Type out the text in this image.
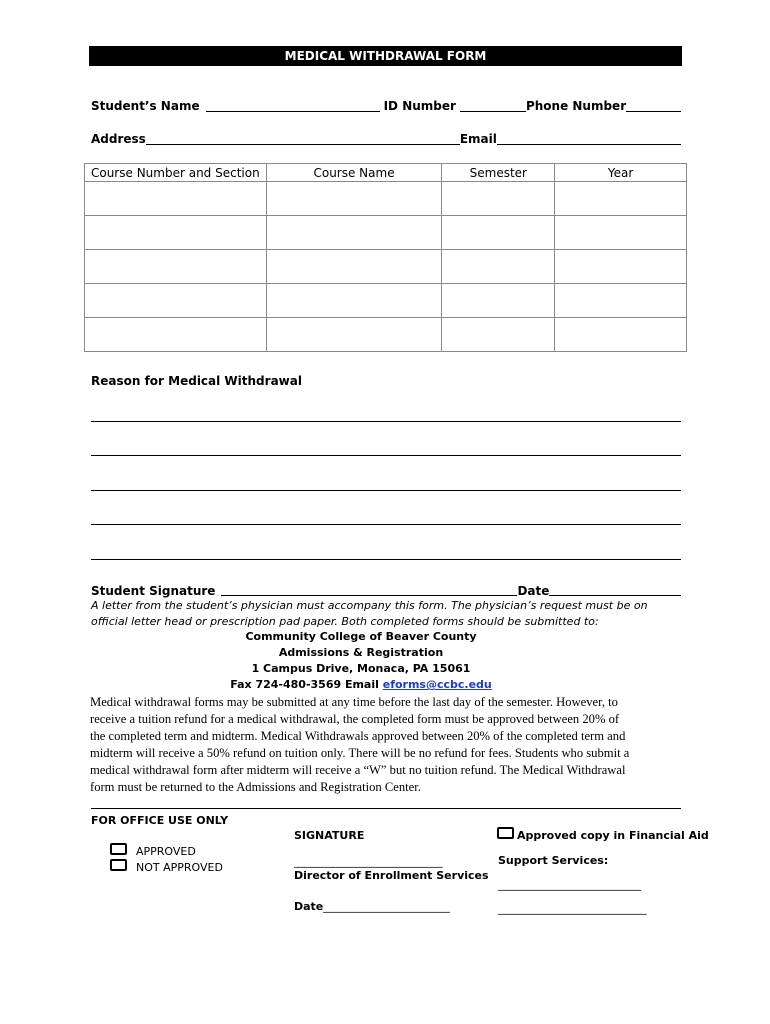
MEDICAL WITHDRAWAL FORM
Student’s Name	ID Number	Phone Number
Address	Email
Course Number and Section	Course Name	Semester	Year

Reason for Medical Withdrawal
Student Signature	Date
A letter from the student’s physician must accompany this form. The physician’s request must be on official letter head or prescription pad paper. Both completed forms should be submitted to:
Community College of Beaver County
Admissions & Registration
1 Campus Drive, Monaca, PA 15061
Fax 724-480-3569 Email eforms@ccbc.edu
Medical withdrawal forms may be submitted at any time before the last day of the semester. However, to
receive a tuition refund for a medical withdrawal, the completed form must be approved between 20% of
the completed term and midterm. Medical Withdrawals approved between 20% of the completed term and
midterm will receive a 50% refund on tuition only. There will be no refund for fees. Students who submit a
medical withdrawal form after midterm will receive a “W” but no tuition refund. The Medical Withdrawal
form must be returned to the Admissions and Registration Center.
FOR OFFICE USE ONLY
APPROVED
NOT APPROVED
SIGNATURE
___________________________
Director of Enrollment Services
Date_______________________
Approved copy in Financial Aid
Support Services:
__________________________
___________________________
